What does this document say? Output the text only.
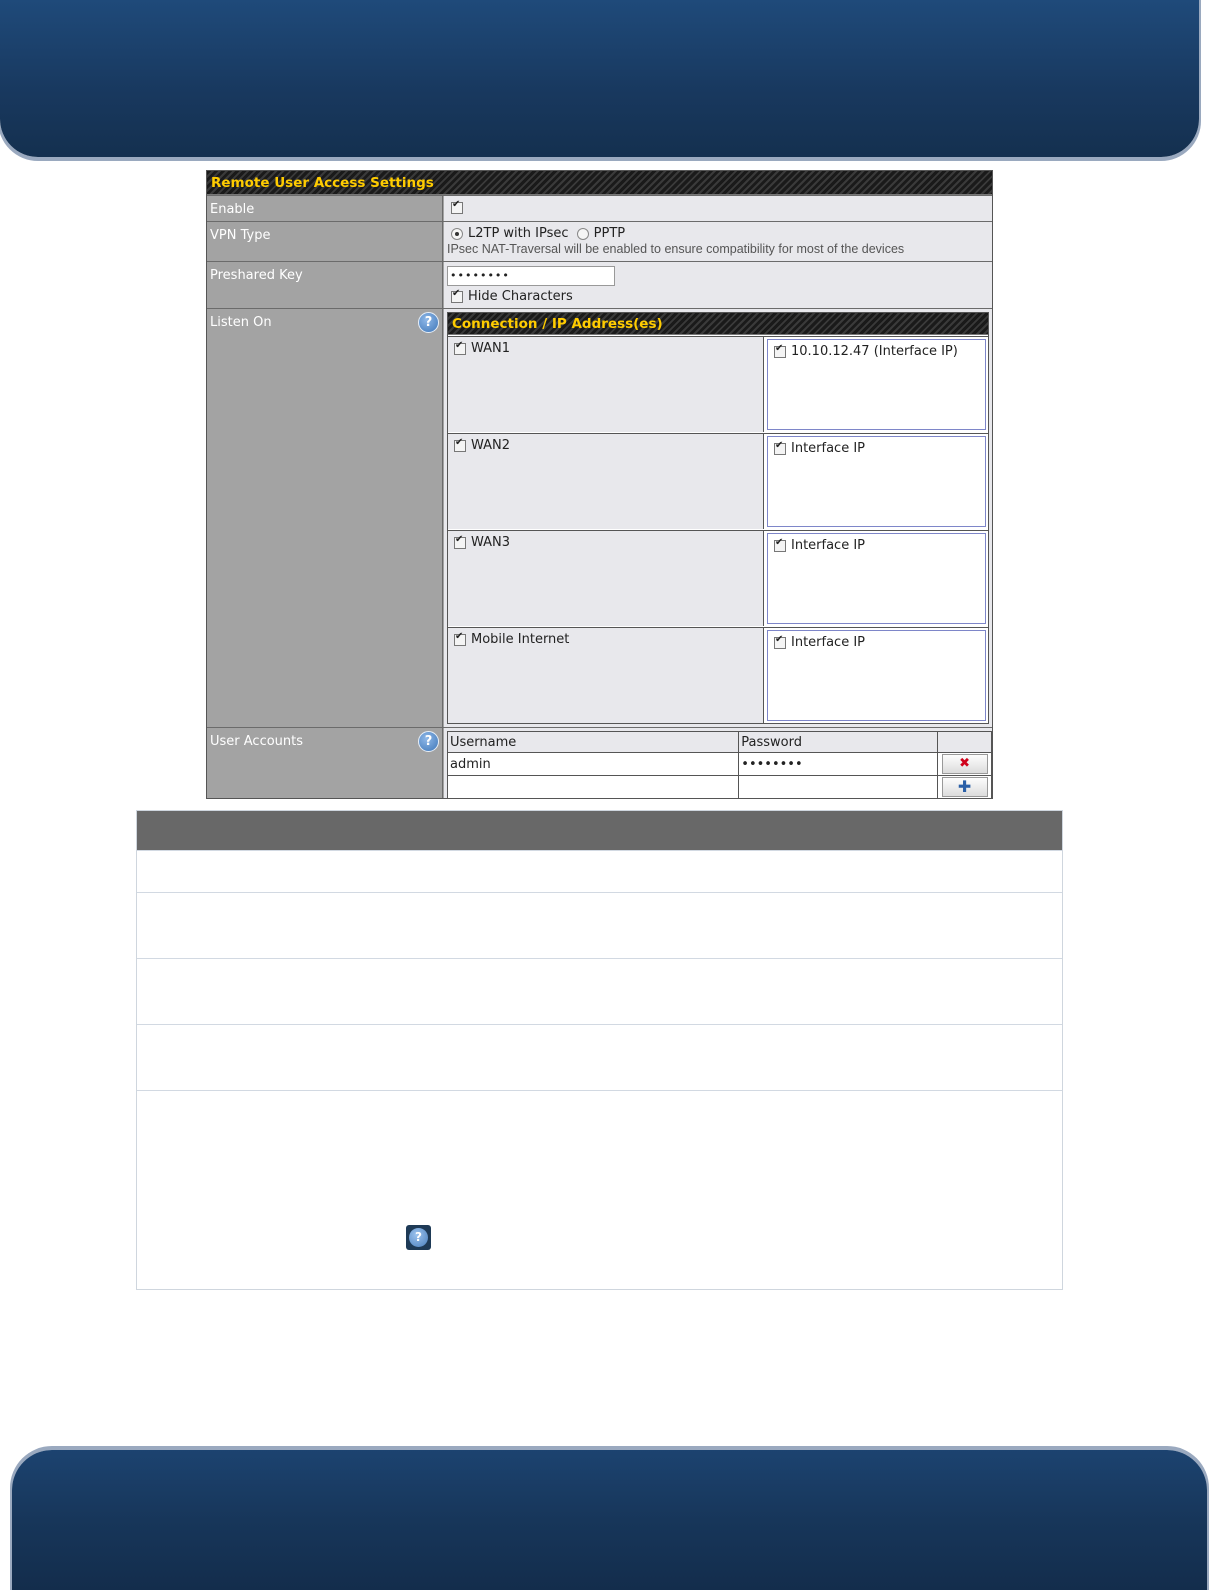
Remote User Access Settings
Enable
✔
VPN Type	L2TP with IPsec PPTP
IPsec NAT-Traversal will be enabled to ensure compatibility for most of the devices
Preshared Key	••••••••
✔Hide Characters
Listen On	?	Connection / IP Address(es)
✔WAN1 ✔	10.10.12.47 (Interface IP)
✔WAN2 ✔	Interface IP
✔WAN3 ✔	Interface IP
✔Mobile Internet ✔	Interface IP
User Accounts	?	Username	Password	
admin	••••••••	✖

		✚
?
